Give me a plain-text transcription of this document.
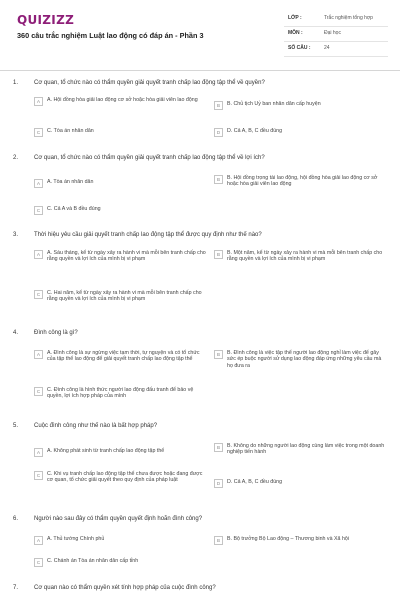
QUIZIZZ
360 câu trắc nghiệm Luật lao động có đáp án - Phần 3
LỚP :	Trắc nghiệm tổng hợp
MÔN :	Đại học
SỐ CÂU :	24
1.	Cơ quan, tổ chức nào có thẩm quyền giải quyết tranh chấp lao động tập thể về quyền?
A	A. Hội đồng hòa giải lao động cơ sở hoặc hòa giải viên lao động
B	B. Chủ tịch Uỷ ban nhân dân cấp huyện
C	C. Tòa án nhân dân	D	D. Cả A, B, C đều đúng
2.	Cơ quan, tổ chức nào có thẩm quyền giải quyết tranh chấp lao động tập thể về lợi ích?
A	A. Tòa án nhân dân	B	B. Hội đồng trọng tài lao động, hội đồng hòa giải lao động cơ sở hoặc hòa giải viên lao động
C	C. Cả A và B đều đúng
3.	Thời hiệu yêu cầu giải quyết tranh chấp lao động tập thể được quy định như thế nào?
A	A. Sáu tháng, kể từ ngày xảy ra hành vi mà mỗi bên tranh chấp cho rằng quyền và lợi ích của mình bị vi phạm
B	B. Một năm, kể từ ngày xảy ra hành vi mà mỗi bên tranh chấp cho rằng quyền và lợi ích của mình bị vi phạm
C	C. Hai năm, kể từ ngày xảy ra hành vi mà mỗi bên tranh chấp cho rằng quyền và lợi ích của mình bị vi phạm
4.	Đình công là gì?
A	A. Đình công là sự ngừng việc tạm thời, tự nguyện và có tổ chức của tập thể lao động để giải quyết tranh chấp lao động tập thể
B	B. Đình công là việc tập thể người lao động nghỉ làm việc để gây sức ép buộc người sử dụng lao động đáp ứng những yêu cầu mà họ đưa ra
C	C. Đình công là hình thức người lao động đấu tranh để bảo vệ quyền, lợi ích hợp pháp của mình
5.	Cuộc đình công như thế nào là bất hợp pháp?
A	A. Không phát sinh từ tranh chấp lao động tập thể
B	B. Không do những người lao động cùng làm việc trong một doanh nghiệp tiến hành
C	C. Khi vụ tranh chấp lao động tập thể chưa được hoặc đang được cơ quan, tổ chức giải quyết theo quy định của pháp luật
D	D. Cả A, B, C đều đúng
6.	Người nào sau đây có thẩm quyền quyết định hoãn đình công?
A	A. Thủ tướng Chính phủ	B	B. Bộ trưởng Bộ Lao động – Thương binh và Xã hội
C	C. Chánh án Tòa án nhân dân cấp tỉnh
7.	Cơ quan nào có thẩm quyền xét tính hợp pháp của cuộc đình công?
